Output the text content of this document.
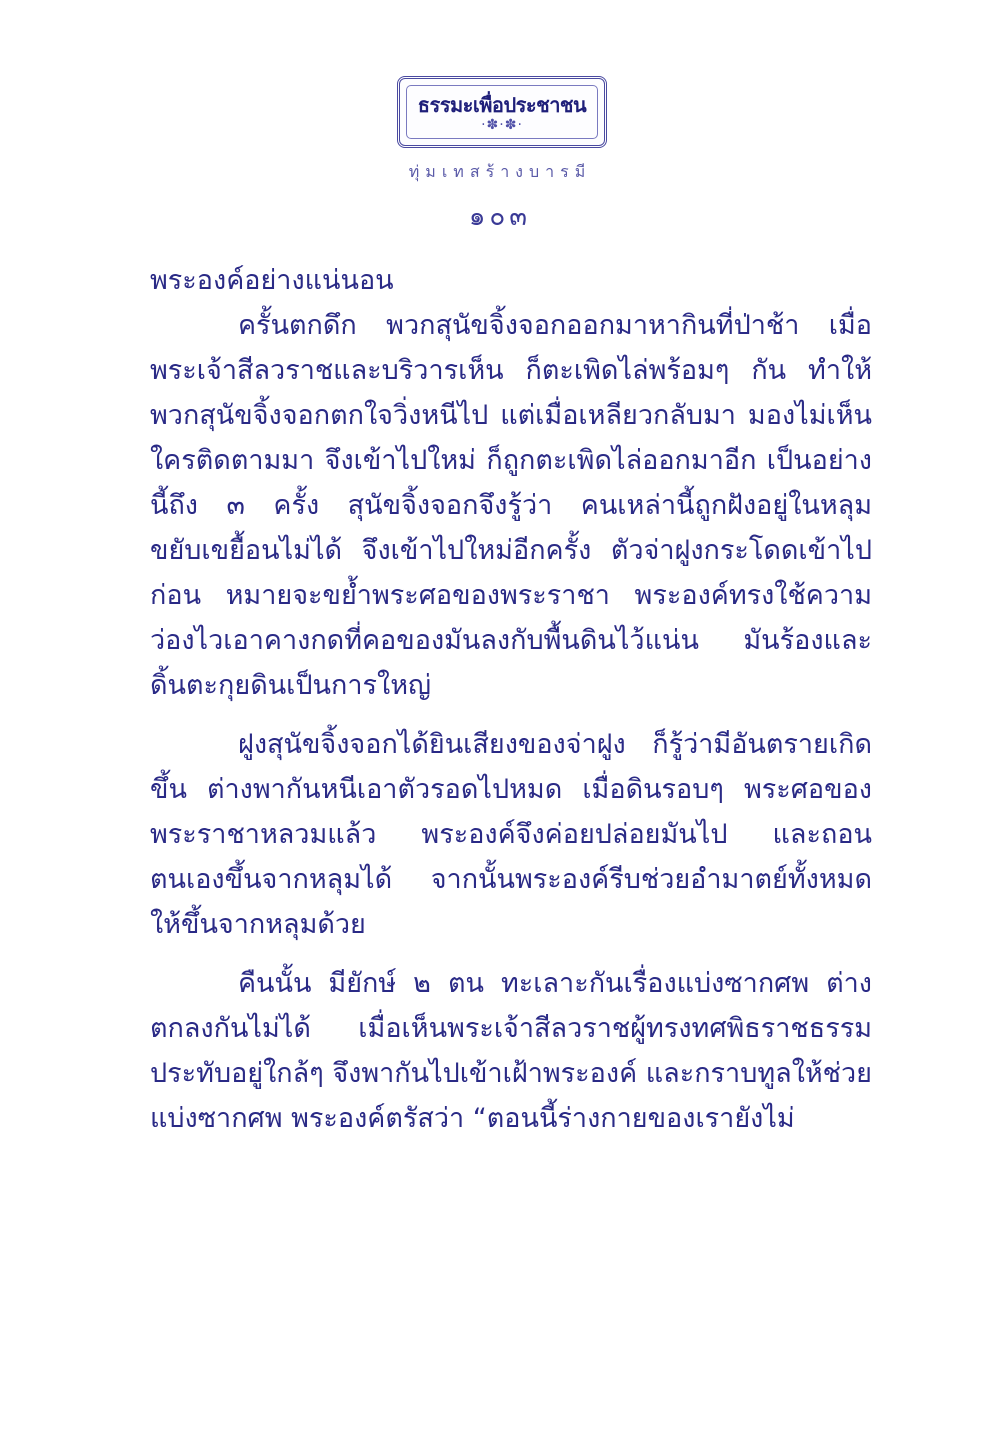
ธรรมะเพื่อประชาชน
·✽·✽·
ทุ่มเทสร้างบารมี
๑๐๓

พระองค์อย่างแน่นอน

ครั้นตกดึก พวกสุนัขจิ้งจอกออกมาหากินที่ป่าช้า เมื่อพระเจ้าสีลวราชและบริวารเห็น ก็ตะเพิดไล่พร้อมๆ กัน ทำให้พวกสุนัขจิ้งจอกตกใจวิ่งหนีไป แต่เมื่อเหลียวกลับมา มองไม่เห็นใครติดตามมา จึงเข้าไปใหม่ ก็ถูกตะเพิดไล่ออกมาอีก เป็นอย่างนี้ถึง ๓ ครั้ง สุนัขจิ้งจอกจึงรู้ว่า คนเหล่านี้ถูกฝังอยู่ในหลุมขยับเขยื้อนไม่ได้ จึงเข้าไปใหม่อีกครั้ง ตัวจ่าฝูงกระโดดเข้าไปก่อน หมายจะขย้ำพระศอของพระราชา พระองค์ทรงใช้ความว่องไวเอาคางกดที่คอของมันลงกับพื้นดินไว้แน่น มันร้องและดิ้นตะกุยดินเป็นการใหญ่

ฝูงสุนัขจิ้งจอกได้ยินเสียงของจ่าฝูง ก็รู้ว่ามีอันตรายเกิดขึ้น ต่างพากันหนีเอาตัวรอดไปหมด เมื่อดินรอบๆ พระศอของพระราชาหลวมแล้ว พระองค์จึงค่อยปล่อยมันไป และถอนตนเองขึ้นจากหลุมได้ จากนั้นพระองค์รีบช่วยอำมาตย์ทั้งหมดให้ขึ้นจากหลุมด้วย

คืนนั้น มียักษ์ ๒ ตน ทะเลาะกันเรื่องแบ่งซากศพ ต่างตกลงกันไม่ได้ เมื่อเห็นพระเจ้าสีลวราชผู้ทรงทศพิธราชธรรมประทับอยู่ใกล้ๆ จึงพากันไปเข้าเฝ้าพระองค์ และกราบทูลให้ช่วยแบ่งซากศพ พระองค์ตรัสว่า “ตอนนี้ร่างกายของเรายังไม่
